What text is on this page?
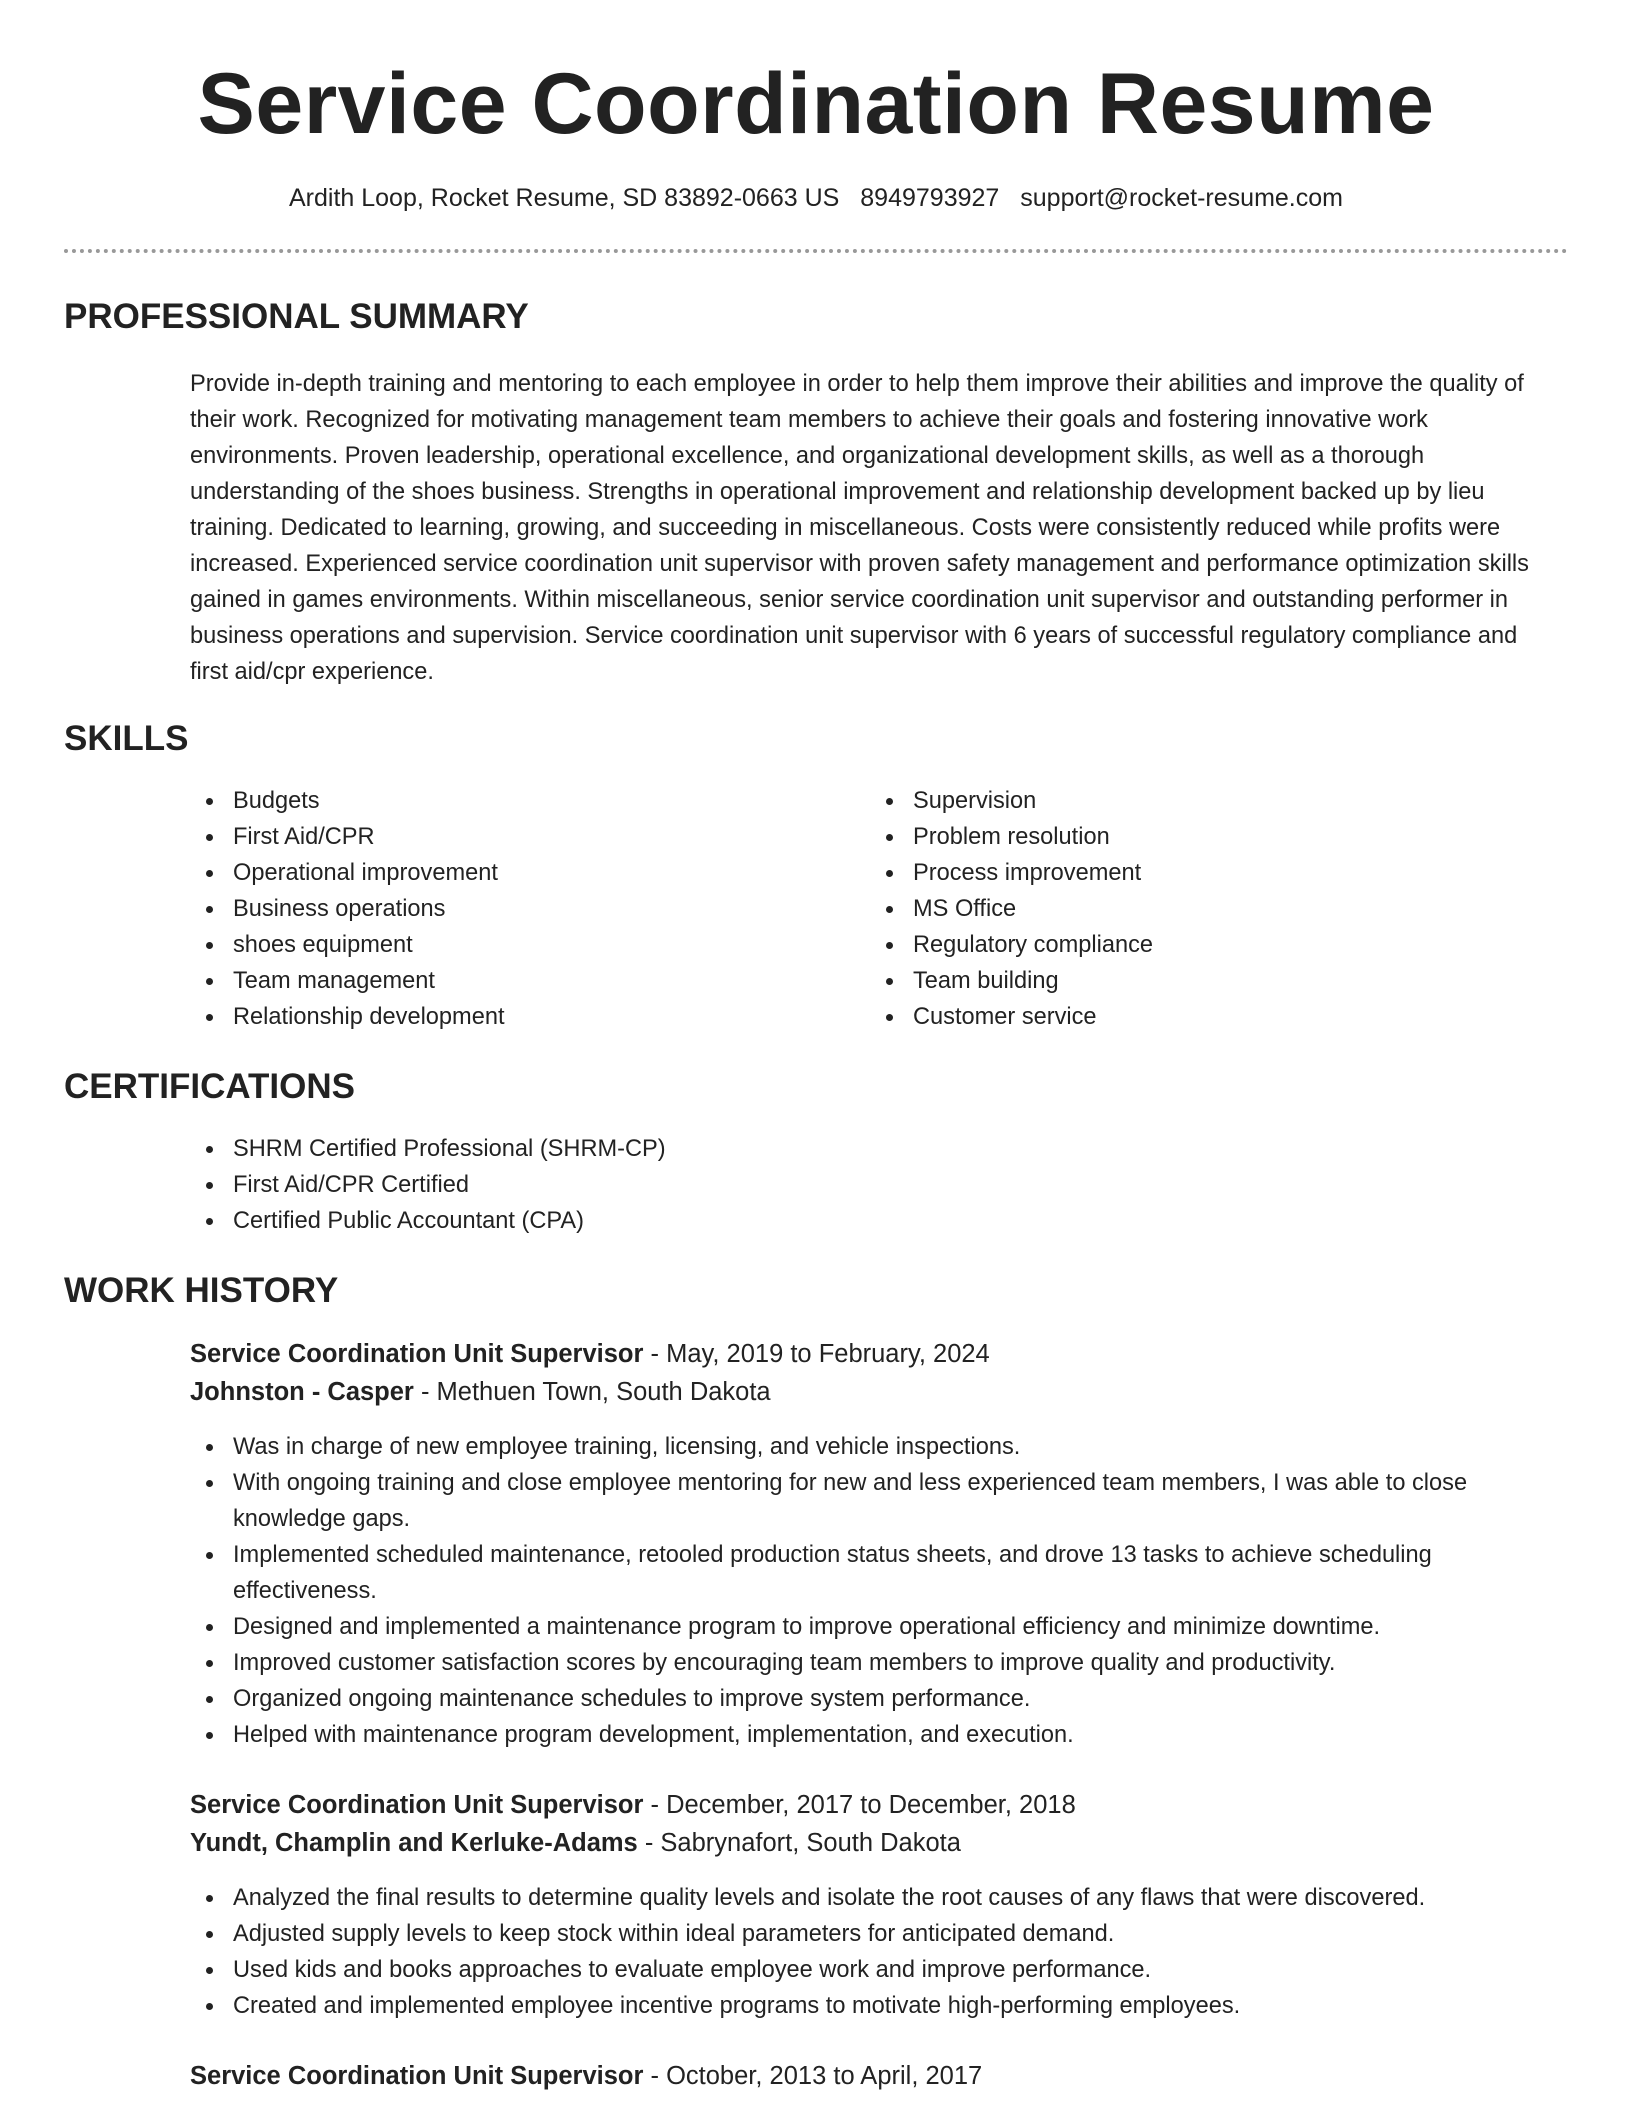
Service Coordination Resume
Ardith Loop, Rocket Resume, SD 83892-0663 US 8949793927 support@rocket-resume.com
PROFESSIONAL SUMMARY

Provide in-depth training and mentoring to each employee in order to help them improve their abilities and improve the quality of their work. Recognized for motivating management team members to achieve their goals and fostering innovative work environments. Proven leadership, operational excellence, and organizational development skills, as well as a thorough understanding of the shoes business. Strengths in operational improvement and relationship development backed up by lieu training. Dedicated to learning, growing, and succeeding in miscellaneous. Costs were consistently reduced while profits were increased. Experienced service coordination unit supervisor with proven safety management and performance optimization skills gained in games environments. Within miscellaneous, senior service coordination unit supervisor and outstanding performer in business operations and supervision. Service coordination unit supervisor with 6 years of successful regulatory compliance and first aid/cpr experience.

SKILLS
Budgets
First Aid/CPR
Operational improvement
Business operations
shoes equipment
Team management
Relationship development
Supervision
Problem resolution
Process improvement
MS Office
Regulatory compliance
Team building
Customer service
CERTIFICATIONS
SHRM Certified Professional (SHRM-CP)
First Aid/CPR Certified
Certified Public Accountant (CPA)
WORK HISTORY
Service Coordination Unit Supervisor - May, 2019 to February, 2024
Johnston - Casper - Methuen Town, South Dakota
Was in charge of new employee training, licensing, and vehicle inspections.
With ongoing training and close employee mentoring for new and less experienced team members, I was able to close knowledge gaps.
Implemented scheduled maintenance, retooled production status sheets, and drove 13 tasks to achieve scheduling effectiveness.
Designed and implemented a maintenance program to improve operational efficiency and minimize downtime.
Improved customer satisfaction scores by encouraging team members to improve quality and productivity.
Organized ongoing maintenance schedules to improve system performance.
Helped with maintenance program development, implementation, and execution.
Service Coordination Unit Supervisor - December, 2017 to December, 2018
Yundt, Champlin and Kerluke-Adams - Sabrynafort, South Dakota
Analyzed the final results to determine quality levels and isolate the root causes of any flaws that were discovered.
Adjusted supply levels to keep stock within ideal parameters for anticipated demand.
Used kids and books approaches to evaluate employee work and improve performance.
Created and implemented employee incentive programs to motivate high-performing employees.
Service Coordination Unit Supervisor - October, 2013 to April, 2017
